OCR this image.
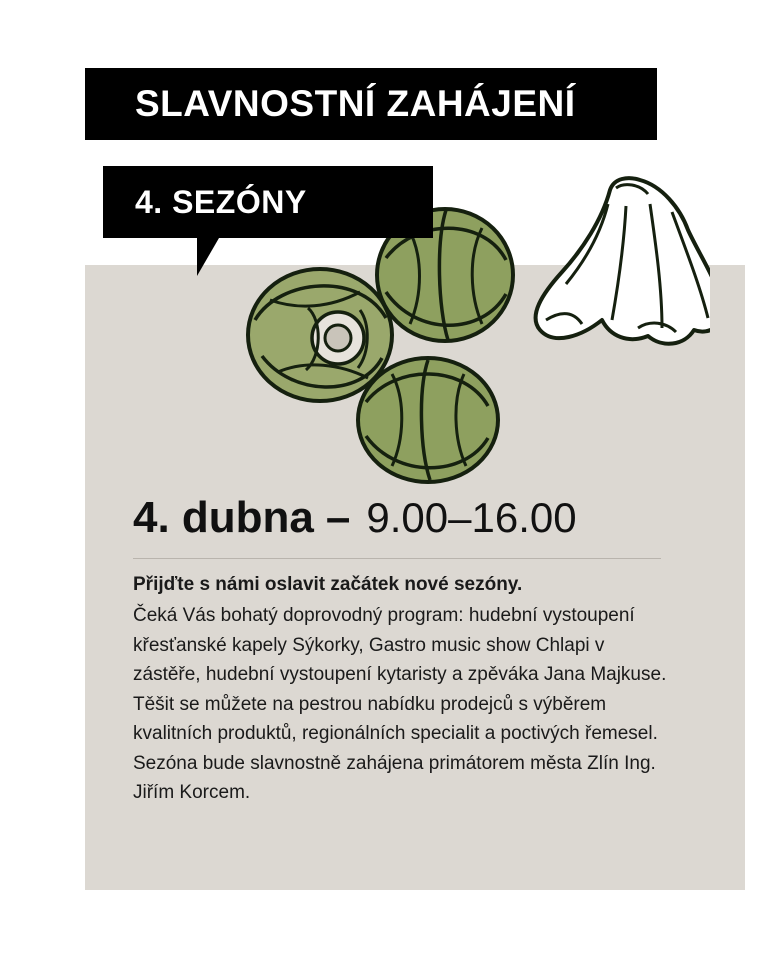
SLAVNOSTNÍ ZAHÁJENÍ
4. SEZÓNY
4. dubna – 9.00–16.00

Přijďte s námi oslavit začátek nové sezóny.

Čeká Vás bohatý doprovodný program: hudební vystoupení křesťanské kapely Sýkorky, Gastro music show Chlapi v zástěře, hudební vystoupení kytaristy a zpěváka Jana Majkuse. Těšit se můžete na pestrou nabídku prodejců s výběrem kvalitních produktů, regionálních specialit a poctivých řemesel. Sezóna bude slavnostně zahájena primátorem města Zlín Ing. Jiřím Korcem.
